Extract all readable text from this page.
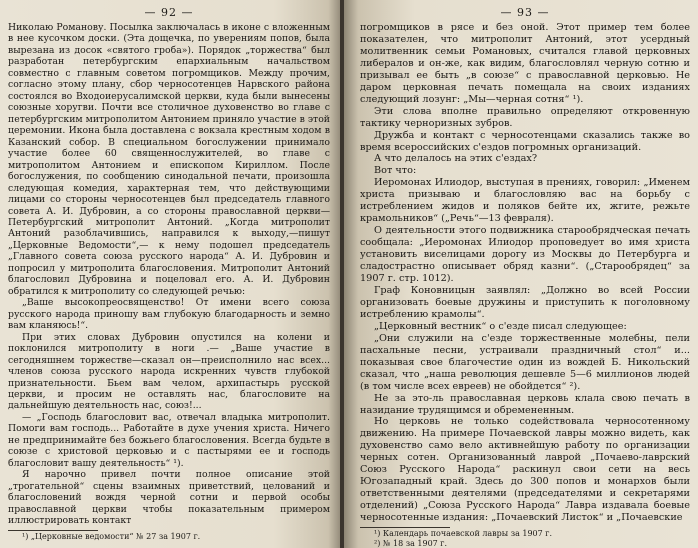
— 92 —

Николаю Романову. Посылка заключалась в иконе с вложенным в нее кусочком доски. (Эта дощечка, по уверениям попов, была вырезана из досок «святого гроба»). Порядок „торжества“ был разработан петербургским епархиальным начальством совместно с главным советом погромщиков. Между прочим, согласно этому плану, сбор черносотенцев Нарвского района состоялся во Входоиерусалимской церкви, куда были вынесены союзные хоругви. Почти все столичное духовенство во главе с петербургским митрополитом Антонием приняло участие в этой церемонии. Икона была доставлена с вокзала крестным ходом в Казанский собор. В специальном богослужении принимало участие более 60 священнослужителей, во главе с митрополитом Антонием и епископом Кириллом. После богослужения, по сообщению синодальной печати, произошла следующая комедия, характерная тем, что действующими лицами со стороны черносотенцев был председатель главного совета А. И. Дубровин, а со стороны православной церкви—Петербургский митрополит Антоний. „Когда митрополит Антоний разоблачившись, направился к выходу,—пишут „Церковные Ведомости“,— к нему подошел председатель „Главного совета союза русского народа“ А. И. Дубровин и попросил у митрополита благословения. Митрополит Антоний благословил Дубровина и поцеловал его. А. И. Дубровин обратился к митрополиту со следующей речью:

„Ваше высокопреосвященство! От имени всего союза русского народа приношу вам глубокую благодарность и земно вам кланяюсь!“.

При этих словах Дубровин опустился на колени и поклонился митрополиту в ноги .— „Ваше участие в сегодняшнем торжестве—сказал он—преисполнило нас всех... членов союза русского народа искренних чувств глубокой признательности. Бьем вам челом, архипастырь русской церкви, и просим не оставлять нас, благословите на дальнейшую деятельность нас, союз!...

— „Господь благословит вас, отвечал владыка митрополит. Помоги вам господь... Работайте в духе учения христа. Ничего не предпринимайте без божьего благословения. Всегда будьте в союзе с христовой церковью и с пастырями ее и господь благословит вашу деятельность“ ¹).

Я нарочно привел почти полное описание этой „трогательной“ сцены взаимных приветствий, целований и благословений вождя черной сотни и первой особы православной церкви чтобы показательным примером иллюстрировать контакт

¹) „Церковные ведомости“ № 27 за 1907 г.

— 93 —

погромщиков в рясе и без оной. Этот пример тем более показателен, что митрополит Антоний, этот усердный молитвенник семьи Романовых, считался главой церковных либералов и он-же, как видим, благословлял черную сотню и призывал ее быть „в союзе“ с православной церковью. Не даром церковная печать помещала на своих изданиях следующий лозунг: „Мы—черная сотня“ ¹).

Эти слова вполне правильно определяют откровенную тактику черноризных зубров.

Дружба и контакт с черносотенцами сказались также во время всероссийских с'ездов погромных организаций.

А что делалось на этих с'ездах?

Вот что:

Иеромонах Илиодор, выступая в прениях, говорил: „Именем христа призываю и благословляю вас на борьбу с истреблением жидов и поляков бейте их, жгите, режьте крамольников“ („Речь“—13 февраля).

О деятельности этого подвижника старообрядческая печать сообщала: „Иеромонах Илиодор проповедует во имя христа установить виселицами дорогу из Москвы до Петербурга и сладострастно описывает обряд казни“. („Старообрядец“ за 1907 г. стр. 1012).

Граф Коновницын заявлял: „Должно во всей России организовать боевые дружины и приступить к поголовному истреблению крамолы“.

„Церковный вестник“ о с'езде писал следующее:

„Они служили на с'езде торжественные молебны, пели пасхальные песни, устраивали праздничный стол“ и... показывая свое благочестие один из вождей Б. Никольский сказал, что „наша революция дешевле 5—6 миллионов людей (в том числе всех евреев) не обойдется“ ²).

Не за это-ль православная церковь клала свою печать в назидание трудящимся и обремененным.

Но церковь не только содействовала черносотенному движению. На примере Почаевской лавры можно видеть, как духовенство само вело активнейшую работу по организации черных сотен. Организованный лаврой „Почаево-лаврский Союз Русского Народа“ раскинул свои сети на весь Югозападный край. Здесь до 300 попов и монархов были ответственными деятелями (председателями и секретарями отделений) „Союза Русского Народа“ Лавра издавала боевые черносотенные издания: „Почаевский Листок“ и „Почаевские

¹) Календарь почаевской лавры за 1907 г.

²) № 18 за 1907 г.
